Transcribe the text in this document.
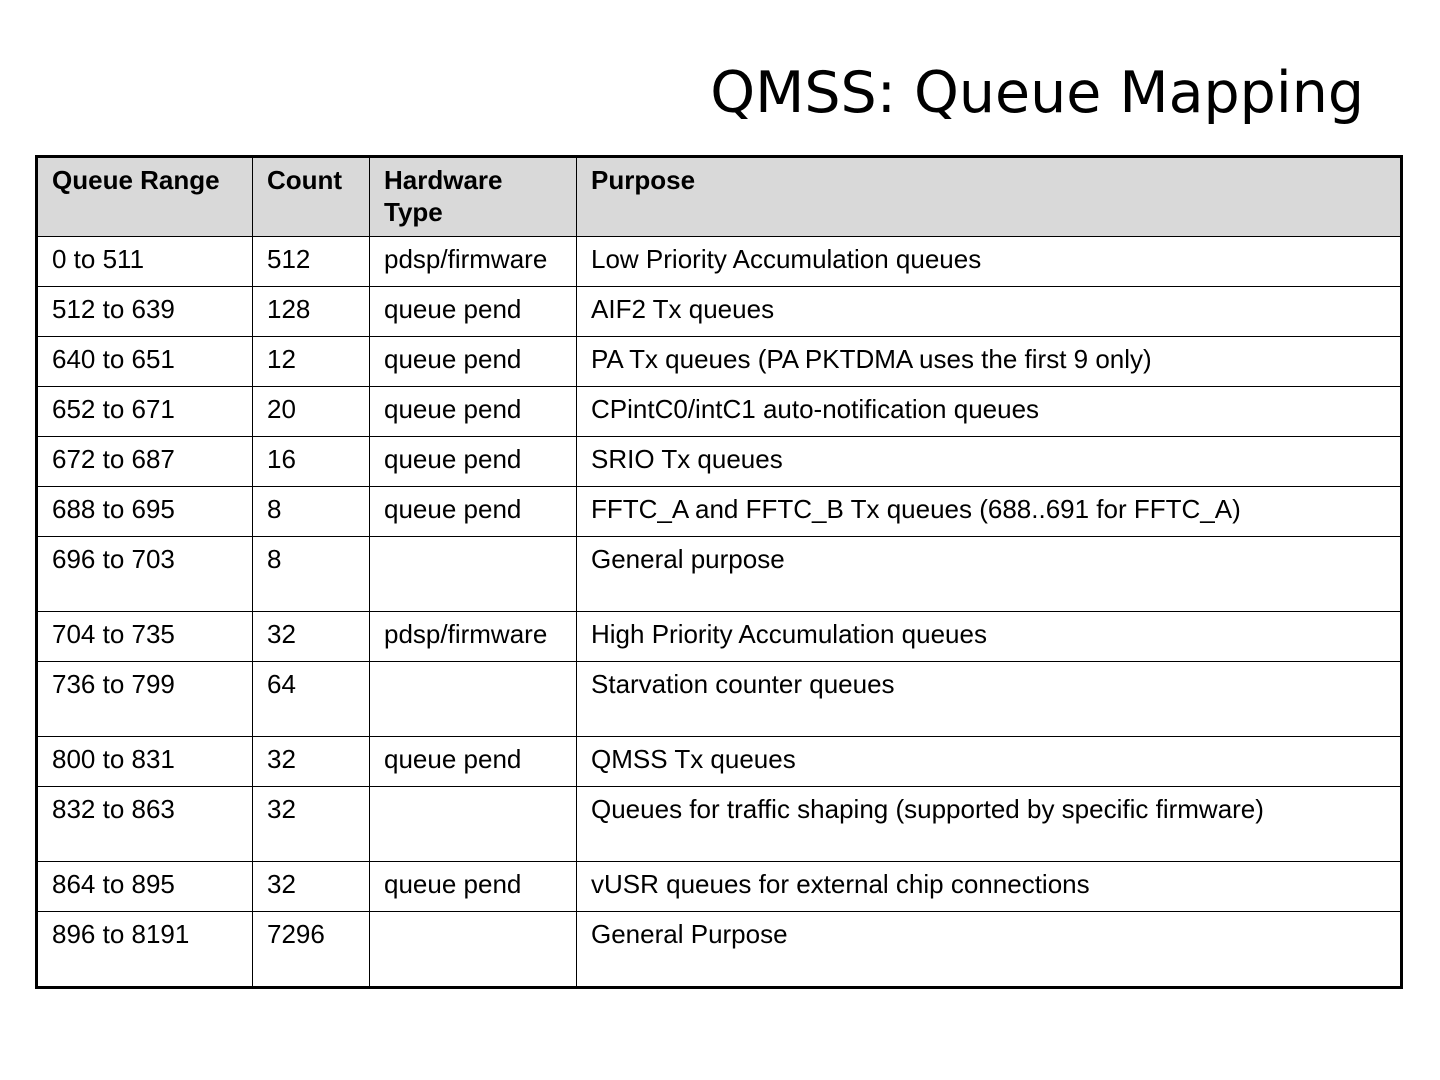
QMSS: Queue Mapping
Queue Range	Count	Hardware Type	Purpose
0 to 511	512	pdsp/firmware	Low Priority Accumulation queues
512 to 639	128	queue pend	AIF2 Tx queues
640 to 651	12	queue pend	PA Tx queues (PA PKTDMA uses the first 9 only)
652 to 671	20	queue pend	CPintC0/intC1 auto-notification queues
672 to 687	16	queue pend	SRIO Tx queues
688 to 695	8	queue pend	FFTC_A and FFTC_B Tx queues (688..691 for FFTC_A)
696 to 703	8		General purpose
704 to 735	32	pdsp/firmware	High Priority Accumulation queues
736 to 799	64		Starvation counter queues
800 to 831	32	queue pend	QMSS Tx queues
832 to 863	32		Queues for traffic shaping (supported by specific firmware)
864 to 895	32	queue pend	vUSR queues for external chip connections
896 to 8191	7296		General Purpose
